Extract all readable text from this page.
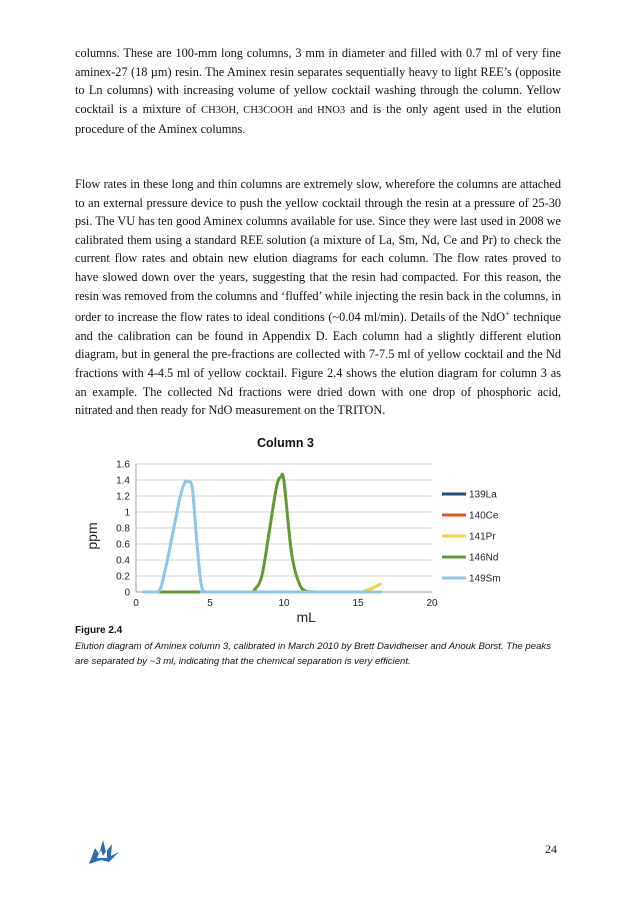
columns. These are 100-mm long columns, 3 mm in diameter and filled with 0.7 ml of very fine aminex-27 (18 µm) resin. The Aminex resin separates sequentially heavy to light REE’s (opposite to Ln columns) with increasing volume of yellow cocktail washing through the column. Yellow cocktail is a mixture of CH3OH, CH3COOH and HNO3 and is the only agent used in the elution procedure of the Aminex columns.

Flow rates in these long and thin columns are extremely slow, wherefore the columns are attached to an external pressure device to push the yellow cocktail through the resin at a pressure of 25-30 psi. The VU has ten good Aminex columns available for use. Since they were last used in 2008 we calibrated them using a standard REE solution (a mixture of La, Sm, Nd, Ce and Pr) to check the current flow rates and obtain new elution diagrams for each column. The flow rates proved to have slowed down over the years, suggesting that the resin had compacted. For this reason, the resin was removed from the columns and ‘fluffed’ while injecting the resin back in the columns, in order to increase the flow rates to ideal conditions (~0.04 ml/min). Details of the NdO+ technique and the calibration can be found in Appendix D. Each column had a slightly different elution diagram, but in general the pre-fractions are collected with 7-7.5 ml of yellow cocktail and the Nd fractions with 4-4.5 ml of yellow cocktail. Figure 2.4 shows the elution diagram for column 3 as an example. The collected Nd fractions were dried down with one drop of phosphoric acid, nitrated and then ready for NdO measurement on the TRITON.

Column 3
0
0.2
0.4
0.6
0.8
1
1.2
1.4
1.6
0	5	10	15	20
mL
ppm
139La
140Ce
141Pr
146Nd
149Sm
Figure 2.4

Elution diagram of Aminex column 3, calibrated in March 2010 by Brett Davidheiser and Anouk Borst. The peaks are separated by ~3 ml, indicating that the chemical separation is very efficient.

24
